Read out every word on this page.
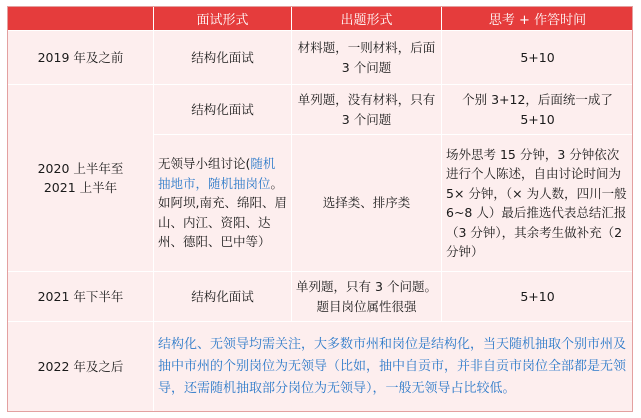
	面试形式	出题形式	思考 + 作答时间
2019 年及之前	结构化面试	材料题，一则材料，后面 3 个问题	5+10
2020 上半年至 2021 上半年	结构化面试	单列题，没有材料，只有 3 个问题	个别 3+12，后面统一成了 5+10
	无领导小组讨论(随机抽地市，随机抽岗位。如阿坝,南充、绵阳、眉山、内江、资阳、达州、德阳、巴中等）	选择类、排序类	场外思考 15 分钟，3 分钟依次进行个人陈述，自由讨论时间为 5× 分钟，（× 为人数，四川一般 6~8 人）最后推选代表总结汇报（3 分钟），其余考生做补充（2 分钟）
2021 年下半年	结构化面试	单列题，只有 3 个问题。题目岗位属性很强	5+10
2022 年及之后	结构化、无领导均需关注，大多数市州和岗位是结构化，当天随机抽取个别市州及抽中市州的个别岗位为无领导（比如，抽中自贡市，并非自贡市岗位全部都是无领导，还需随机抽取部分岗位为无领导），一般无领导占比较低。		
